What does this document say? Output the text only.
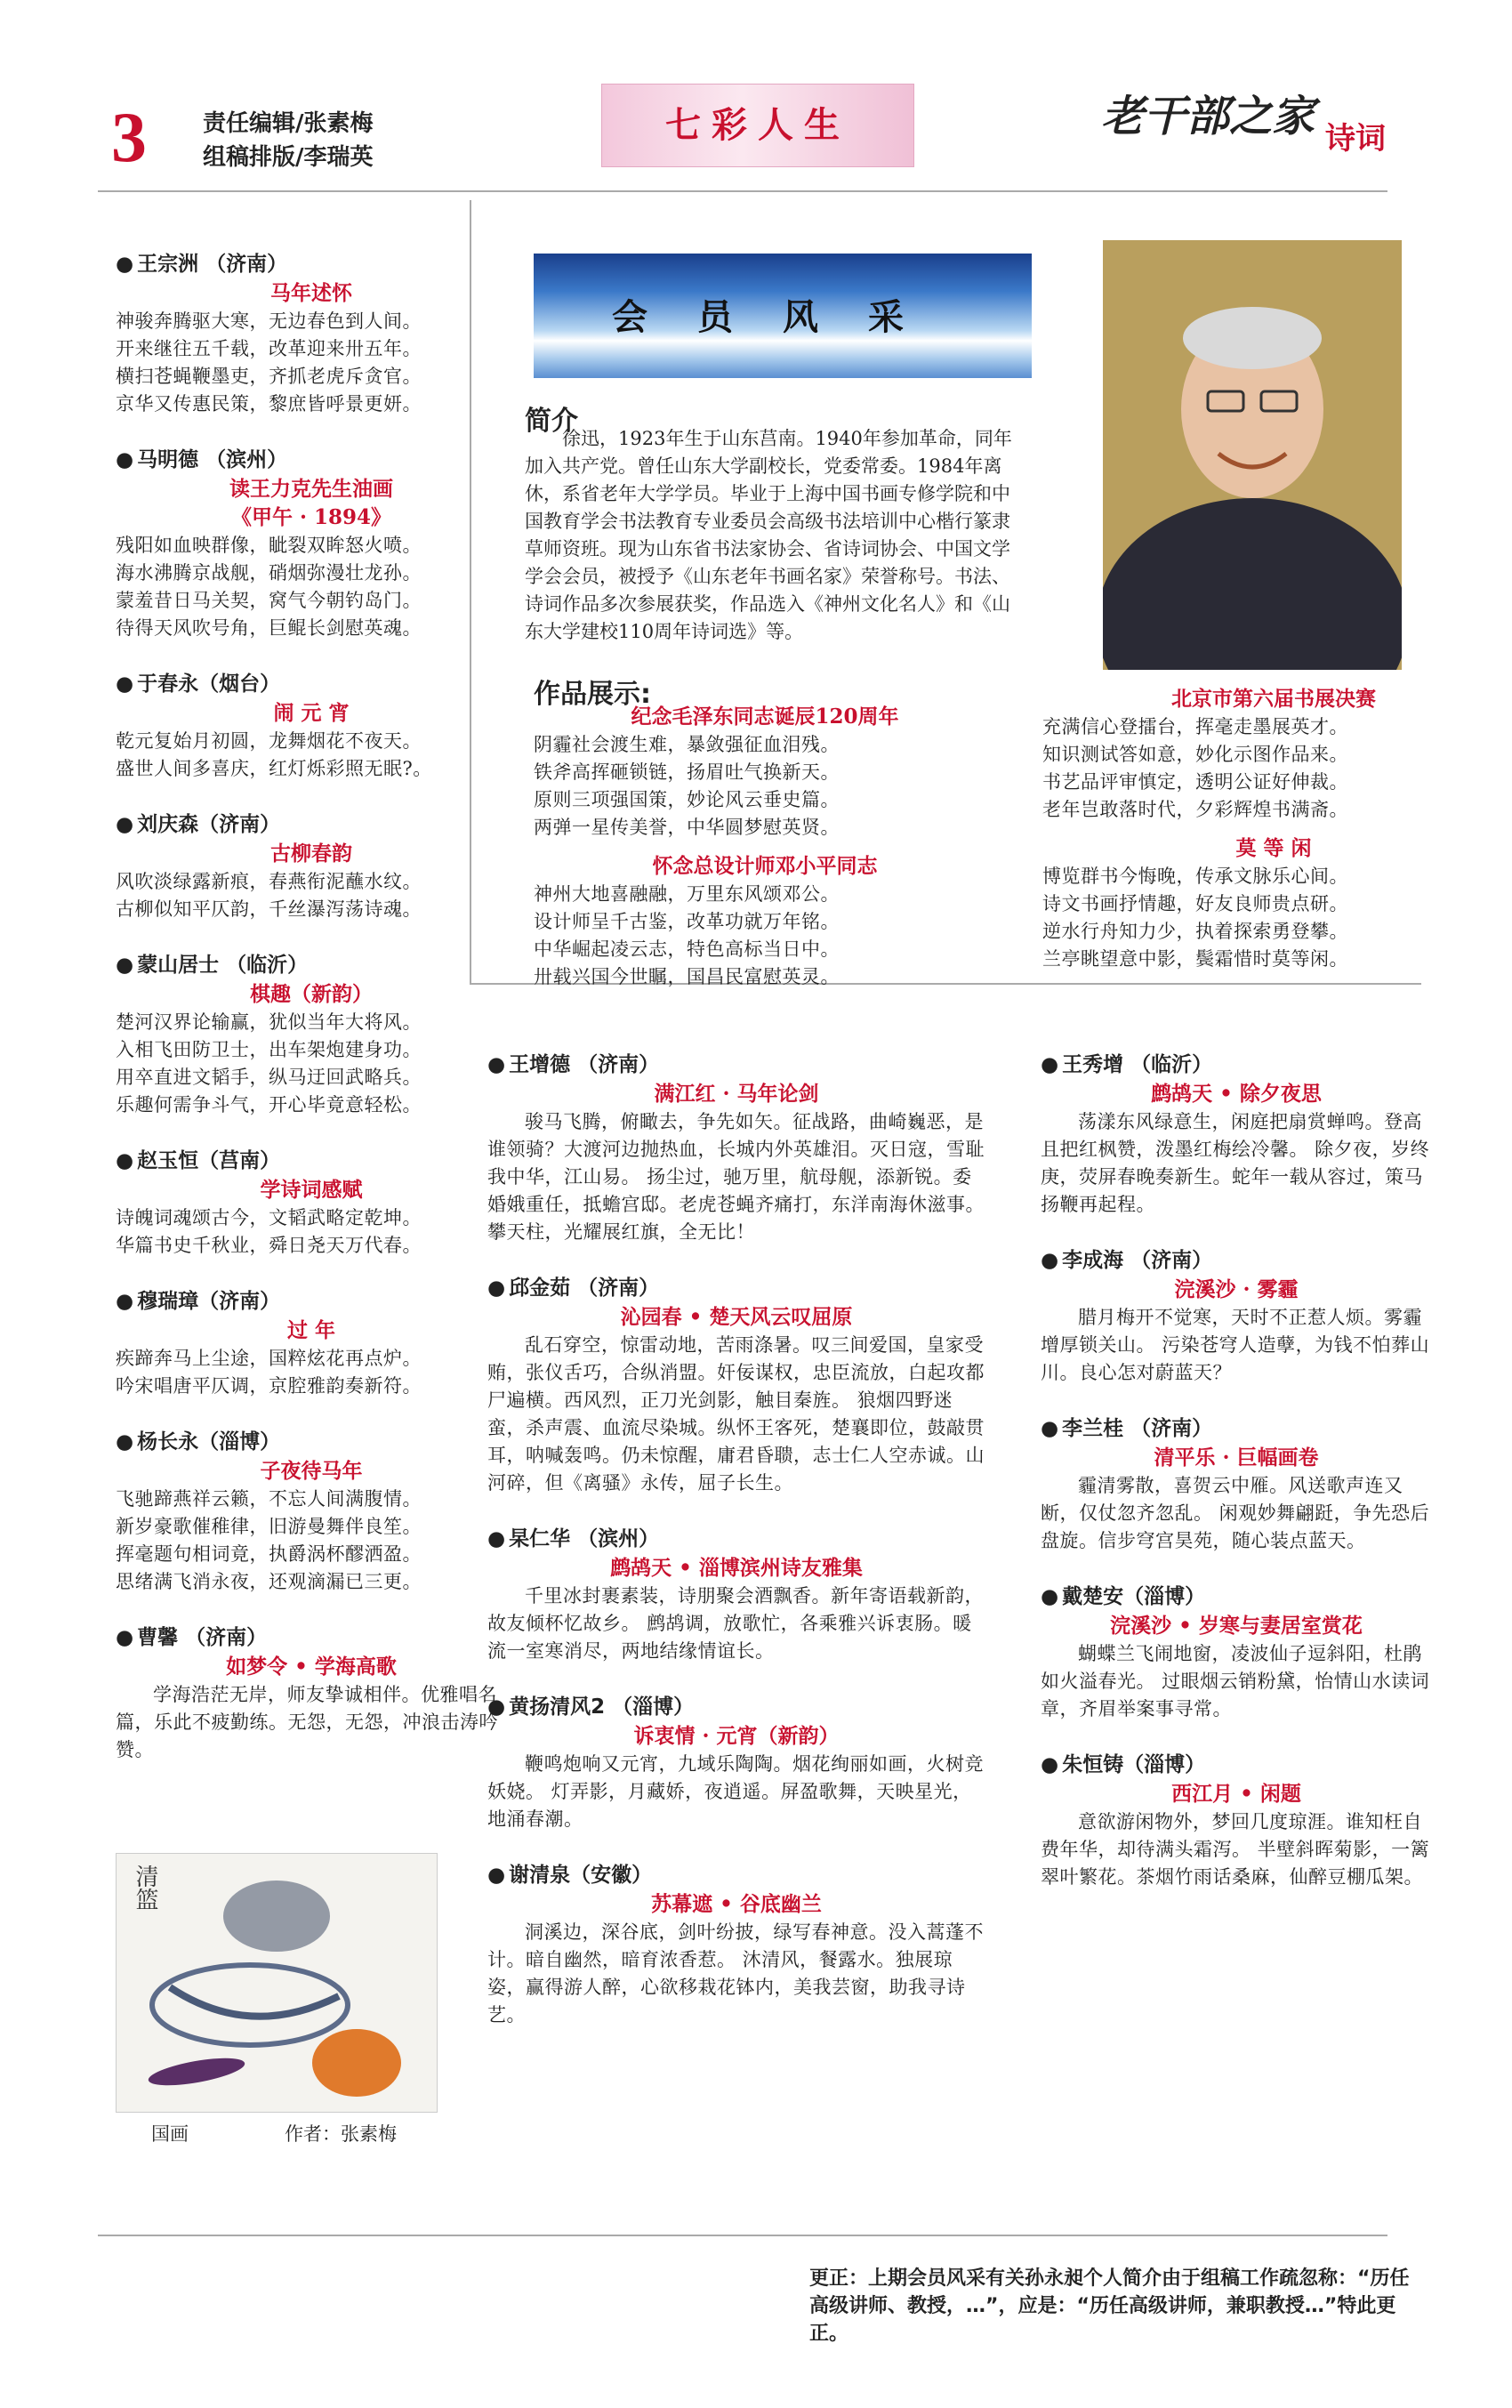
3 责任编辑/张素梅
组稿排版/李瑞英
七彩人生	老干部之家 诗词
● 王宗洲 （济南）
马年述怀
神骏奔腾驱大寒，无边春色到人间。
开来继往五千载，改革迎来卅五年。
横扫苍蝇鞭墨吏，齐抓老虎斥贪官。
京华又传惠民策，黎庶皆呼景更妍。
● 马明德 （滨州）
读王力克先生油画
《甲午 · 1894》
残阳如血映群像，眦裂双眸怒火喷。
海水沸腾京战舰，硝烟弥漫壮龙孙。
蒙羞昔日马关契，窝气今朝钓岛门。
待得天风吹号角，巨鲲长剑慰英魂。
● 于春永（烟台）
闹 元 宵
乾元复始月初圆，龙舞烟花不夜天。
盛世人间多喜庆，红灯烁彩照无眠?。
● 刘庆森（济南）
古柳春韵
风吹淡绿露新痕，春燕衔泥蘸水纹。
古柳似知平仄韵，千丝瀑泻荡诗魂。
● 蒙山居士 （临沂）
棋趣（新韵）
楚河汉界论输赢，犹似当年大将风。
入相飞田防卫士，出车架炮建身功。
用卒直进文韬手，纵马迂回武略兵。
乐趣何需争斗气，开心毕竟意轻松。
● 赵玉恒（莒南）
学诗词感赋
诗魄词魂颂古今，文韬武略定乾坤。
华篇书史千秋业，舜日尧天万代春。
● 穆瑞璋（济南）
过 年
疾蹄奔马上尘途，国粹炫花再点炉。
吟宋唱唐平仄调，京腔雅韵奏新符。
● 杨长永（淄博）
子夜待马年
飞驰蹄燕祥云籁，不忘人间满腹情。
新岁豪歌催稚律，旧游曼舞伴良笙。
挥毫题句相词竟，执爵涡杯醪洒盈。
思绪满飞消永夜，还观滴漏已三更。
● 曹馨 （济南）
如梦令 • 学海高歌
学海浩茫无岸，师友挚诚相伴。优雅唱名篇，乐此不疲勤练。无怨，无怨，冲浪击涛吟赞。
会员风采
简介
徐迅，1923年生于山东莒南。1940年参加革命，同年加入共产党。曾任山东大学副校长，党委常委。1984年离休，系省老年大学学员。毕业于上海中国书画专修学院和中国教育学会书法教育专业委员会高级书法培训中心楷行篆隶草师资班。现为山东省书法家协会、省诗词协会、中国文学学会会员，被授予《山东老年书画名家》荣誉称号。书法、诗词作品多次参展获奖，作品选入《神州文化名人》和《山东大学建校110周年诗词选》等。
作品展示:
纪念毛泽东同志诞辰120周年
阴霾社会渡生难，暴敛强征血泪残。
铁斧高挥砸锁链，扬眉吐气换新天。
原则三项强国策，妙论风云垂史篇。
两弹一星传美誉，中华圆梦慰英贤。
怀念总设计师邓小平同志
神州大地喜融融，万里东风颂邓公。
设计师呈千古鉴，改革功就万年铭。
中华崛起凌云志，特色高标当日中。
卅载兴国今世瞩，国昌民富慰英灵。
北京市第六届书展决赛
充满信心登擂台，挥毫走墨展英才。
知识测试答如意，妙化示图作品来。
书艺品评审慎定，透明公证好伸裁。
老年岂敢落时代，夕彩辉煌书满斋。
莫 等 闲
博览群书今悔晚，传承文脉乐心间。
诗文书画抒情趣，好友良师贵点研。
逆水行舟知力少，执着探索勇登攀。
兰亭眺望意中影，鬓霜惜时莫等闲。
● 王增德 （济南）
满江红 · 马年论剑
骏马飞腾，俯瞰去，争先如矢。征战路，曲崎巍恶，是谁领骑？大渡河边抛热血，长城内外英雄泪。灭日寇，雪耻我中华，江山易。 扬尘过，驰万里，航母舰，添新锐。委婚娥重任，抵蟾宫邸。老虎苍蝇齐痛打，东洋南海休滋事。攀天柱，光耀展红旗，全无比！
● 邱金茹 （济南）
沁园春 • 楚天风云叹屈原
乱石穿空，惊雷动地，苦雨涤暑。叹三间爱国，皇家受贿，张仪舌巧，合纵消盟。奸佞谋权，忠臣流放，白起攻都尸遍横。西风烈，正刀光剑影，触目秦旌。 狼烟四野迷蛮，杀声震、血流尽染城。纵怀王客死，楚襄即位，鼓敲贯耳，呐喊轰鸣。仍未惊醒，庸君昏聩，志士仁人空赤诚。山河碎，但《离骚》永传，屈子长生。
● 杲仁华 （滨州）
鹧鸪天 • 淄博滨州诗友雅集
千里冰封裹素装，诗朋聚会酒飘香。新年寄语载新韵，故友倾杯忆故乡。 鹧鸪调，放歌忙，各乘雅兴诉衷肠。暖流一室寒消尽，两地结缘情谊长。
● 黄扬清风2 （淄博）
诉衷情 · 元宵（新韵）
鞭鸣炮响又元宵，九域乐陶陶。烟花绚丽如画，火树竞妖娆。 灯弄影，月藏娇，夜逍遥。屏盈歌舞，天映星光，地涌春潮。
● 谢清泉（安徽）
苏幕遮 • 谷底幽兰
洞溪边，深谷底，剑叶纷披，绿写春神意。没入蒿蓬不计。暗自幽然，暗育浓香惹。 沐清风，餐露水。独展琼姿，赢得游人醉，心欲移栽花钵内，美我芸窗，助我寻诗艺。
● 王秀增 （临沂）
鹧鸪天 • 除夕夜思
荡漾东风绿意生，闲庭把扇赏蝉鸣。登高且把红枫赞，泼墨红梅绘冷馨。 除夕夜，岁终庚，荧屏春晚奏新生。蛇年一载从容过，策马扬鞭再起程。
● 李成海 （济南）
浣溪沙 · 雾霾
腊月梅开不觉寒，天时不正惹人烦。雾霾增厚锁关山。 污染苍穹人造孽，为钱不怕葬山川。良心怎对蔚蓝天？
● 李兰桂 （济南）
清平乐 · 巨幅画卷
霾清雾散，喜贺云中雁。风送歌声连又断，仅仗忽齐忽乱。 闲观妙舞翩跹，争先恐后盘旋。信步穹宫昊苑，随心装点蓝天。
● 戴楚安（淄博）
浣溪沙 • 岁寒与妻居室赏花
蝴蝶兰飞闹地窗，凌波仙子逗斜阳，杜鹃如火溢春光。 过眼烟云销粉黛，怡情山水读词章，齐眉举案事寻常。
● 朱恒铸（淄博）
西江月 • 闲题
意欲游闲物外，梦回几度琼涯。谁知枉自费年华，却待满头霜泻。 半壁斜晖菊影，一篱翠叶繁花。茶烟竹雨话桑麻，仙醉豆棚瓜架。
清篮
国画	作者：张素梅
更正：上期会员风采有关孙永昶个人简介由于组稿工作疏忽称：“历任高级讲师、教授，…”，应是：“历任高级讲师，兼职教授…”特此更正。
